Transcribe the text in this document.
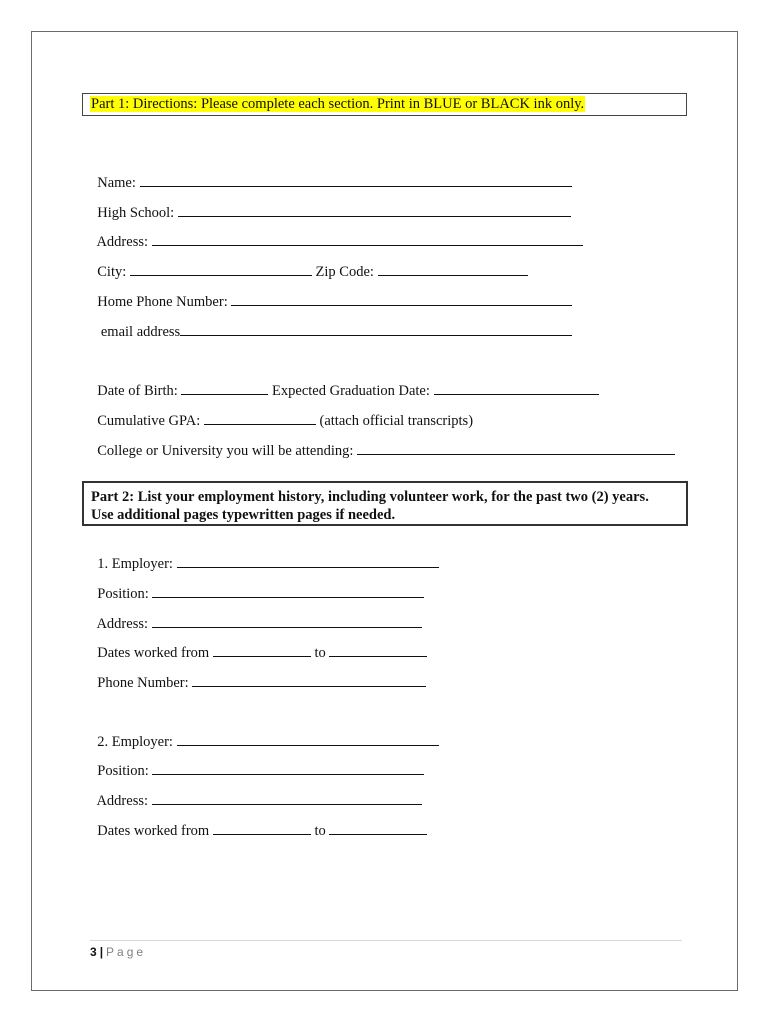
Part 1: Directions: Please complete each section. Print in BLUE or BLACK ink only.

Name:

High School:

Address:

City:	Zip Code:

Home Phone Number:

email address

Date of Birth:	Expected Graduation Date:

Cumulative GPA:	(attach official transcripts)

College or University you will be attending:

Part 2: List your employment history, including volunteer work, for the past two (2) years.
Use additional pages typewritten pages if needed.

1. Employer:

Position:

Address:

Dates worked from	to

Phone Number:

2. Employer:

Position:

Address:

Dates worked from	to

3 | Page
